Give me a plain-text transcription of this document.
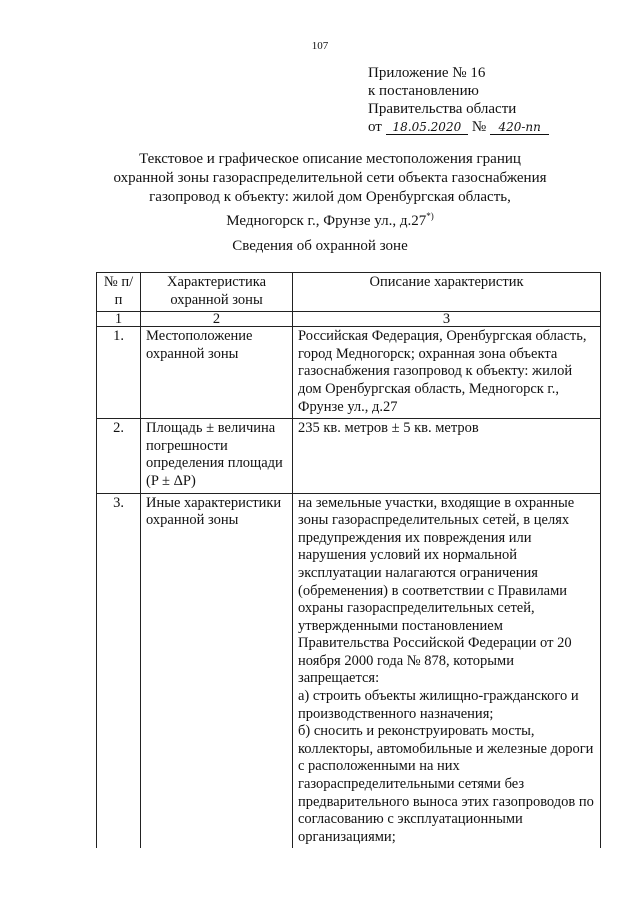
107
Приложение № 16
к постановлению
Правительства области
от 18.05.2020 №	420-пп
Текстовое и графическое описание местоположения границ
охранной зоны газораспределительной сети объекта газоснабжения
газопровод к объекту: жилой дом Оренбургская область,
Медногорск г., Фрунзе ул., д.27*)
Сведения об охранной зоне
№ п/п	Характеристика охранной зоны	Описание характеристик
1	2	3
1.	Местоположение охранной зоны	Российская Федерация, Оренбургская область, город Медногорск; охранная зона объекта газоснабжения газопровод к объекту: жилой дом Оренбургская область, Медногорск г., Фрунзе ул., д.27
2.	Площадь ± величина погрешности определения площади (P ± ΔP)	235 кв. метров ± 5 кв. метров
3.	Иные характеристики охранной зоны	на земельные участки, входящие в охранные зоны газораспределительных сетей, в целях предупреждения их повреждения или нарушения условий их нормальной эксплуатации налагаются ограничения (обременения) в соответствии с Правилами охраны газораспределительных сетей, утвержденными постановлением Правительства Российской Федерации от 20 ноября 2000 года № 878, которыми запрещается:
а) строить объекты жилищно-гражданского и производственного назначения;
б) сносить и реконструировать мосты, коллекторы, автомобильные и железные дороги с расположенными на них газораспределительными сетями без предварительного выноса этих газопроводов по согласованию с эксплуатационными организациями;
